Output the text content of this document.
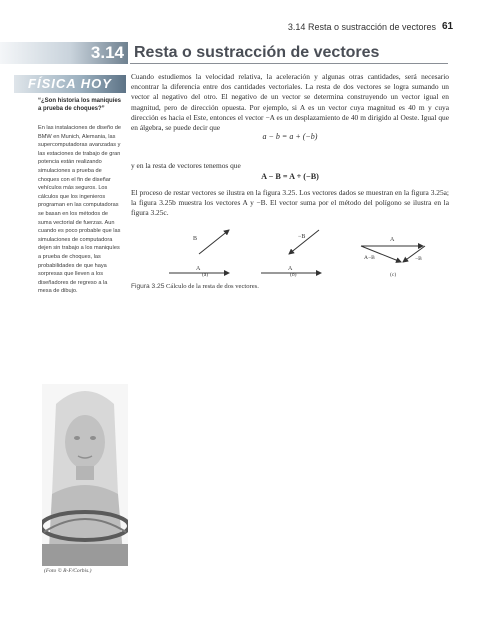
3.14 Resta o sustracción de vectores 61
3.14 Resta o sustracción de vectores
FÍSICA HOY
“¿Son historia los maniquíes a prueba de choques?”
En las instalaciones de diseño de BMW en Munich, Alemania, las supercomputadoras avanzadas y las estaciones de trabajo de gran potencia están realizando simulaciones a prueba de choques con el fin de diseñar vehículos más seguros. Los cálculos que los ingenieros programan en las computadoras se basan en los métodos de suma vectorial de fuerzas. Aun cuando es poco probable que las simulaciones de computadora dejen sin trabajo a los maniquíes a prueba de choques, las probabilidades de que haya sorpresas que lleven a los diseñadores de regreso a la mesa de dibujo.
(Foto © R-F/Corbis.)
Cuando estudiemos la velocidad relativa, la aceleración y algunas otras cantidades, será necesario encontrar la diferencia entre dos cantidades vectoriales. La resta de dos vectores se logra sumando un vector al negativo del otro. El negativo de un vector se determina construyendo un vector igual en magnitud, pero de dirección opuesta. Por ejemplo, si A es un vector cuya magnitud es 40 m y cuya dirección es hacia el Este, entonces el vector −A es un desplazamiento de 40 m dirigido al Oeste. Igual que en álgebra, se puede decir que
a − b = a + (−b)
y en la resta de vectores tenemos que
A − B = A + (−B)
El proceso de restar vectores se ilustra en la figura 3.25. Los vectores dados se muestran en la figura 3.25a; la figura 3.25b muestra los vectores A y −B. El vector suma por el método del polígono se ilustra en la figura 3.25c.
B
A
−B
A
A
−B
A−B
(a)	(b)	(c)
Figura 3.25 Cálculo de la resta de dos vectores.
